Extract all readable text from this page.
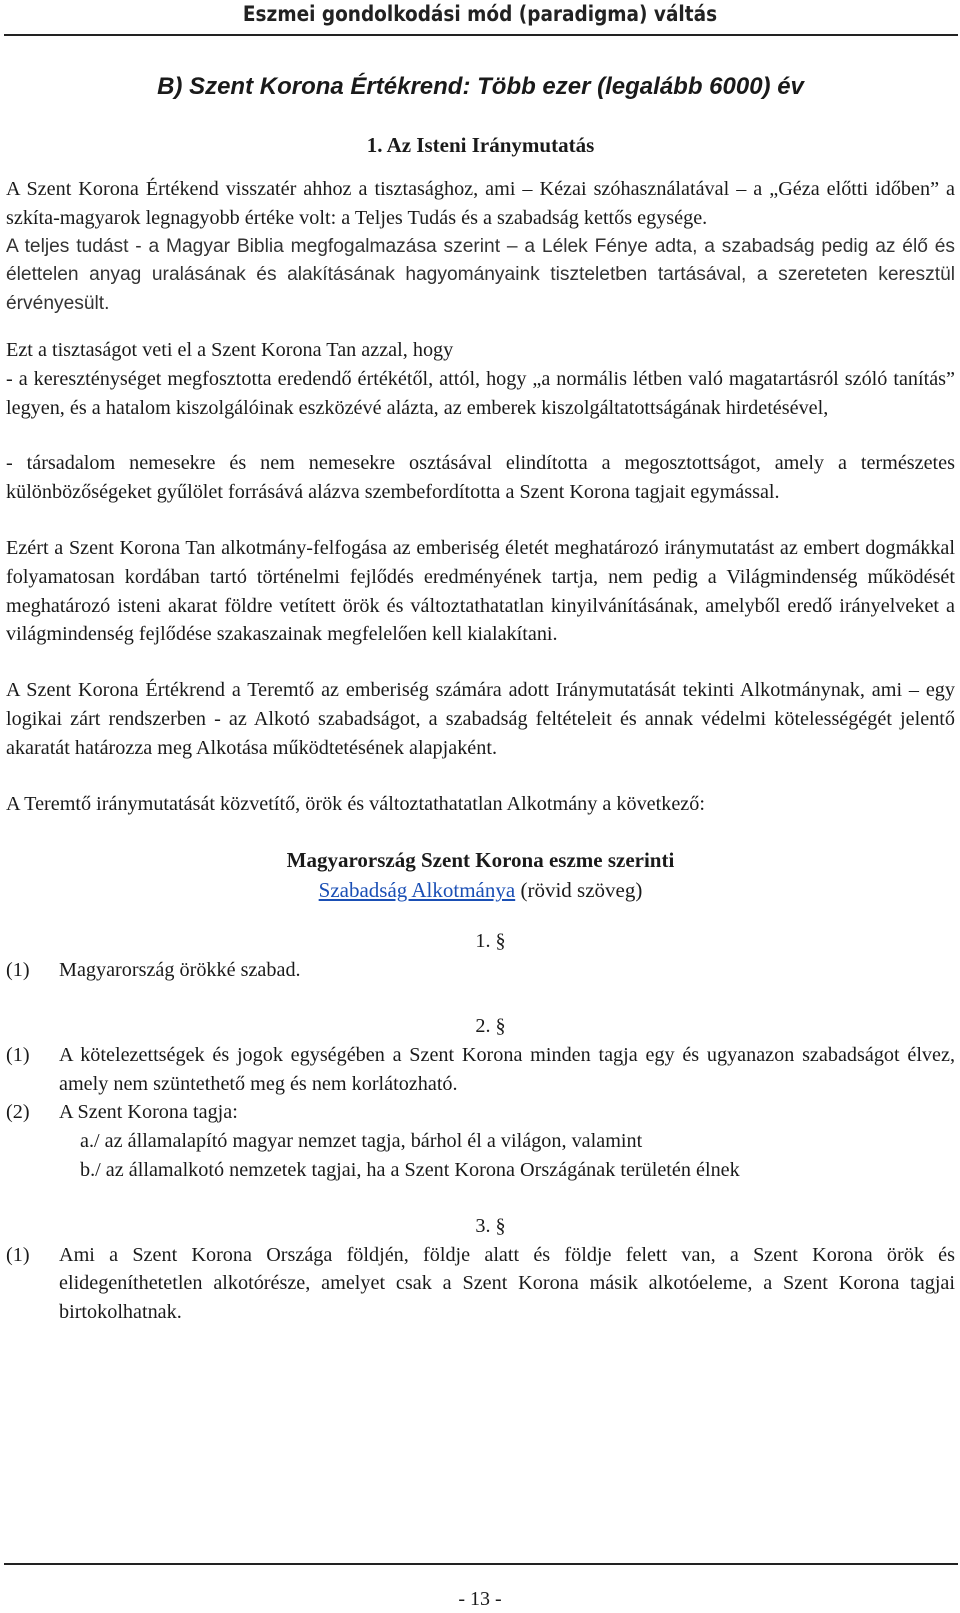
Eszmei gondolkodási mód (paradigma) váltás
B) Szent Korona Értékrend: Több ezer (legalább 6000) év
1. Az Isteni Iránymutatás

A Szent Korona Értékend visszatér ahhoz a tisztasághoz, ami – Kézai szóhasználatával – a „Géza előtti időben” a szkíta-magyarok legnagyobb értéke volt: a Teljes Tudás és a szabadság kettős egysége.

A teljes tudást - a Magyar Biblia megfogalmazása szerint – a Lélek Fénye adta, a szabadság pedig az élő és élettelen anyag uralásának és alakításának hagyományaink tiszteletben tartásával, a szereteten keresztül érvényesült.

Ezt a tisztaságot veti el a Szent Korona Tan azzal, hogy

- a kereszténységet megfosztotta eredendő értékétől, attól, hogy „a normális létben való magatartásról szóló tanítás” legyen, és a hatalom kiszolgálóinak eszközévé alázta, az emberek kiszolgáltatottságának hirdetésével,

- társadalom nemesekre és nem nemesekre osztásával elindította a megosztottságot, amely a természetes különbözőségeket gyűlölet forrásává alázva szembefordította a Szent Korona tagjait egymással.

Ezért a Szent Korona Tan alkotmány-felfogása az emberiség életét meghatározó iránymutatást az embert dogmákkal folyamatosan kordában tartó történelmi fejlődés eredményének tartja, nem pedig a Világmindenség működését meghatározó isteni akarat földre vetített örök és változtathatatlan kinyilvánításának, amelyből eredő irányelveket a világmindenség fejlődése szakaszainak megfelelően kell kialakítani.

A Szent Korona Értékrend a Teremtő az emberiség számára adott Iránymutatását tekinti Alkotmánynak, ami – egy logikai zárt rendszerben - az Alkotó szabadságot, a szabadság feltételeit és annak védelmi kötelességégét jelentő akaratát határozza meg Alkotása működtetésének alapjaként.

A Teremtő iránymutatását közvetítő, örök és változtathatatlan Alkotmány a következő:

Magyarország Szent Korona eszme szerinti
Szabadság Alkotmánya (rövid szöveg)
1. §
(1)	Magyarország örökké szabad.
2. §
(1)	A kötelezettségek és jogok egységében a Szent Korona minden tagja egy és ugyanazon szabadságot élvez, amely nem szüntethető meg és nem korlátozható.
(2)	A Szent Korona tagja:
a./ az államalapító magyar nemzet tagja, bárhol él a világon, valamint
b./ az államalkotó nemzetek tagjai, ha a Szent Korona Országának területén élnek
3. §
(1)	Ami a Szent Korona Országa földjén, földje alatt és földje felett van, a Szent Korona örök és elidegeníthetetlen alkotórésze, amelyet csak a Szent Korona másik alkotóeleme, a Szent Korona tagjai birtokolhatnak.
- 13 -
